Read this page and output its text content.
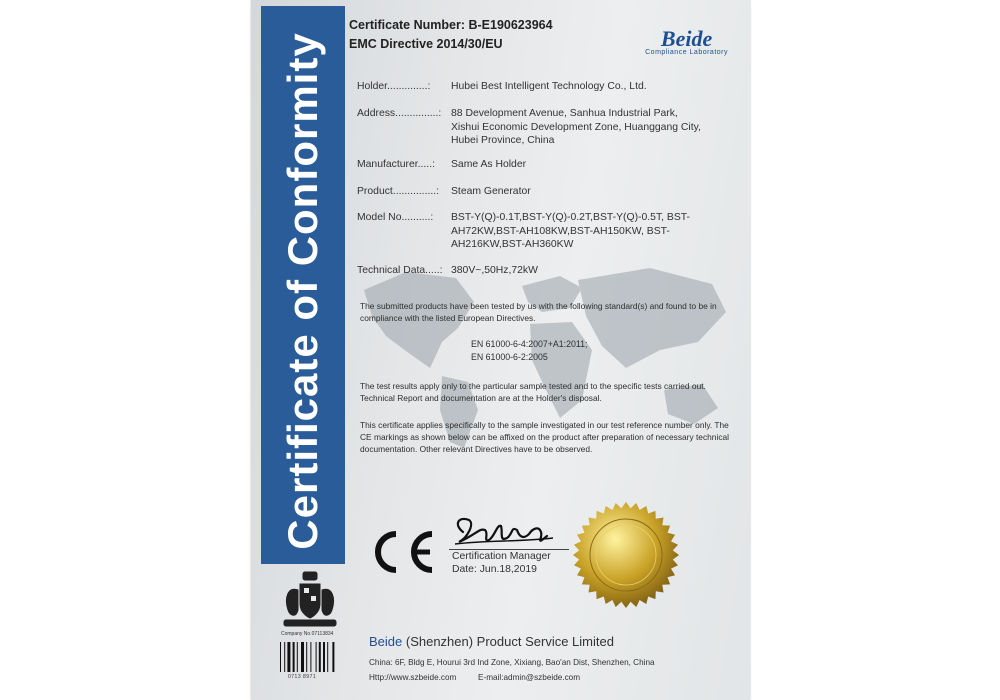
Certificate of Conformity
Certificate Number: B-E190623964
EMC Directive 2014/30/EU	Beide
Compliance Laboratory
Holder..............: Hubei Best Intelligent Technology Co., Ltd.
Address...............: 88 Development Avenue, Sanhua Industrial Park, Xishui Economic Development Zone, Huanggang City, Hubei Province, China
Manufacturer.....: Same As Holder
Product...............: Steam Generator
Model No..........: BST-Y(Q)-0.1T,BST-Y(Q)-0.2T,BST-Y(Q)-0.5T, BST-AH72KW,BST-AH108KW,BST-AH150KW, BST-AH216KW,BST-AH360KW
Technical Data.....: 380V~,50Hz,72kW
The submitted products have been tested by us with the following standard(s) and found to be in compliance with the listed European Directives.
EN 61000-6-4:2007+A1:2011;
EN 61000-6-2:2005
The test results apply only to the particular sample tested and to the specific tests carried out. Technical Report and documentation are at the Holder's disposal.
This certificate applies specifically to the sample investigated in our test reference number only. The CE markings as shown below can be affixed on the product after preparation of necessary technical documentation. Other relevant Directives have to be observed.
Certification Manager
Date: Jun.18,2019
Company No.07113834
0713 8971
Beide (Shenzhen) Product Service Limited
China: 6F, Bldg E, Hourui 3rd Ind Zone, Xixiang, Bao'an Dist, Shenzhen, China
Http://www.szbeide.com	E-mail:admin@szbeide.com
